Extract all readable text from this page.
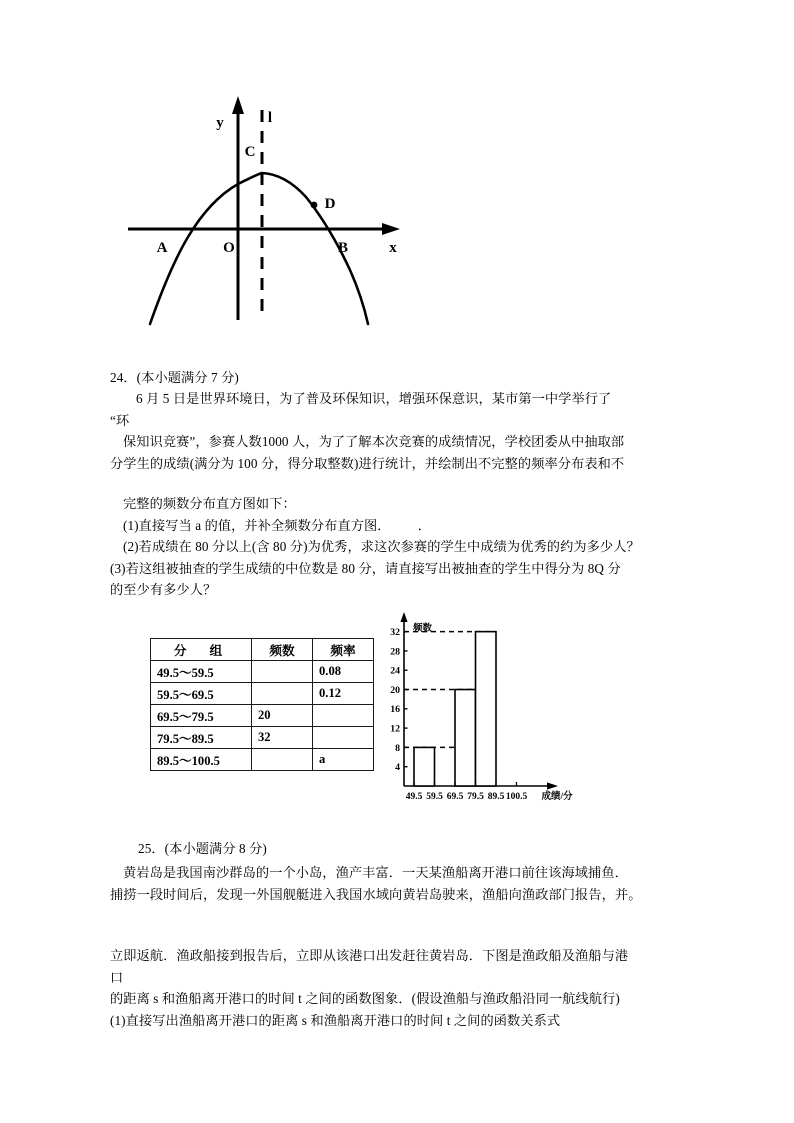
y
x
O
A	B
C
D
l
24．(本小题满分 7 分)
6 月 5 日是世界环境日，为了普及环保知识，增强环保意识，某市第一中学举行了
“环
保知识竞赛”，参赛人数1000 人，为了了解本次竞赛的成绩情况，学校团委从中抽取部
分学生的成绩(满分为 100 分，得分取整数)进行统计，并绘制出不完整的频率分布表和不
完整的频数分布直方图如下：
(1)直接写当 a 的值，并补全频数分布直方图．        ．
(2)若成绩在 80 分以上(含 80 分)为优秀，求这次参赛的学生中成绩为优秀的约为多少人？
(3)若这组被抽查的学生成绩的中位数是 80 分，请直接写出被抽查的学生中得分为 8Q 分
的至少有多少人？
分 组	频数	频率
49.5～59.5		0.08
59.5～69.5		0.12
69.5～79.5	20	
79.5～89.5	32	
89.5～100.5		a
4
8
12
16
20
24
28
32
49.5 59.5 69.5 79.5 89.5 100.5
频数
成绩/分
25．(本小题满分 8 分)
黄岩岛是我国南沙群岛的一个小岛，渔产丰富．一天某渔船离开港口前往该海域捕鱼．
捕捞一段时间后，发现一外国舰艇进入我国水域向黄岩岛驶来，渔船向渔政部门报告，并。
立即返航．渔政船接到报告后，立即从该港口出发赶往黄岩岛．下图是渔政船及渔船与港
口
的距离 s 和渔船离开港口的时间 t 之间的函数图象．(假设渔船与渔政船沿同一航线航行)
(1)直接写出渔船离开港口的距离 s 和渔船离开港口的时间 t 之间的函数关系式
